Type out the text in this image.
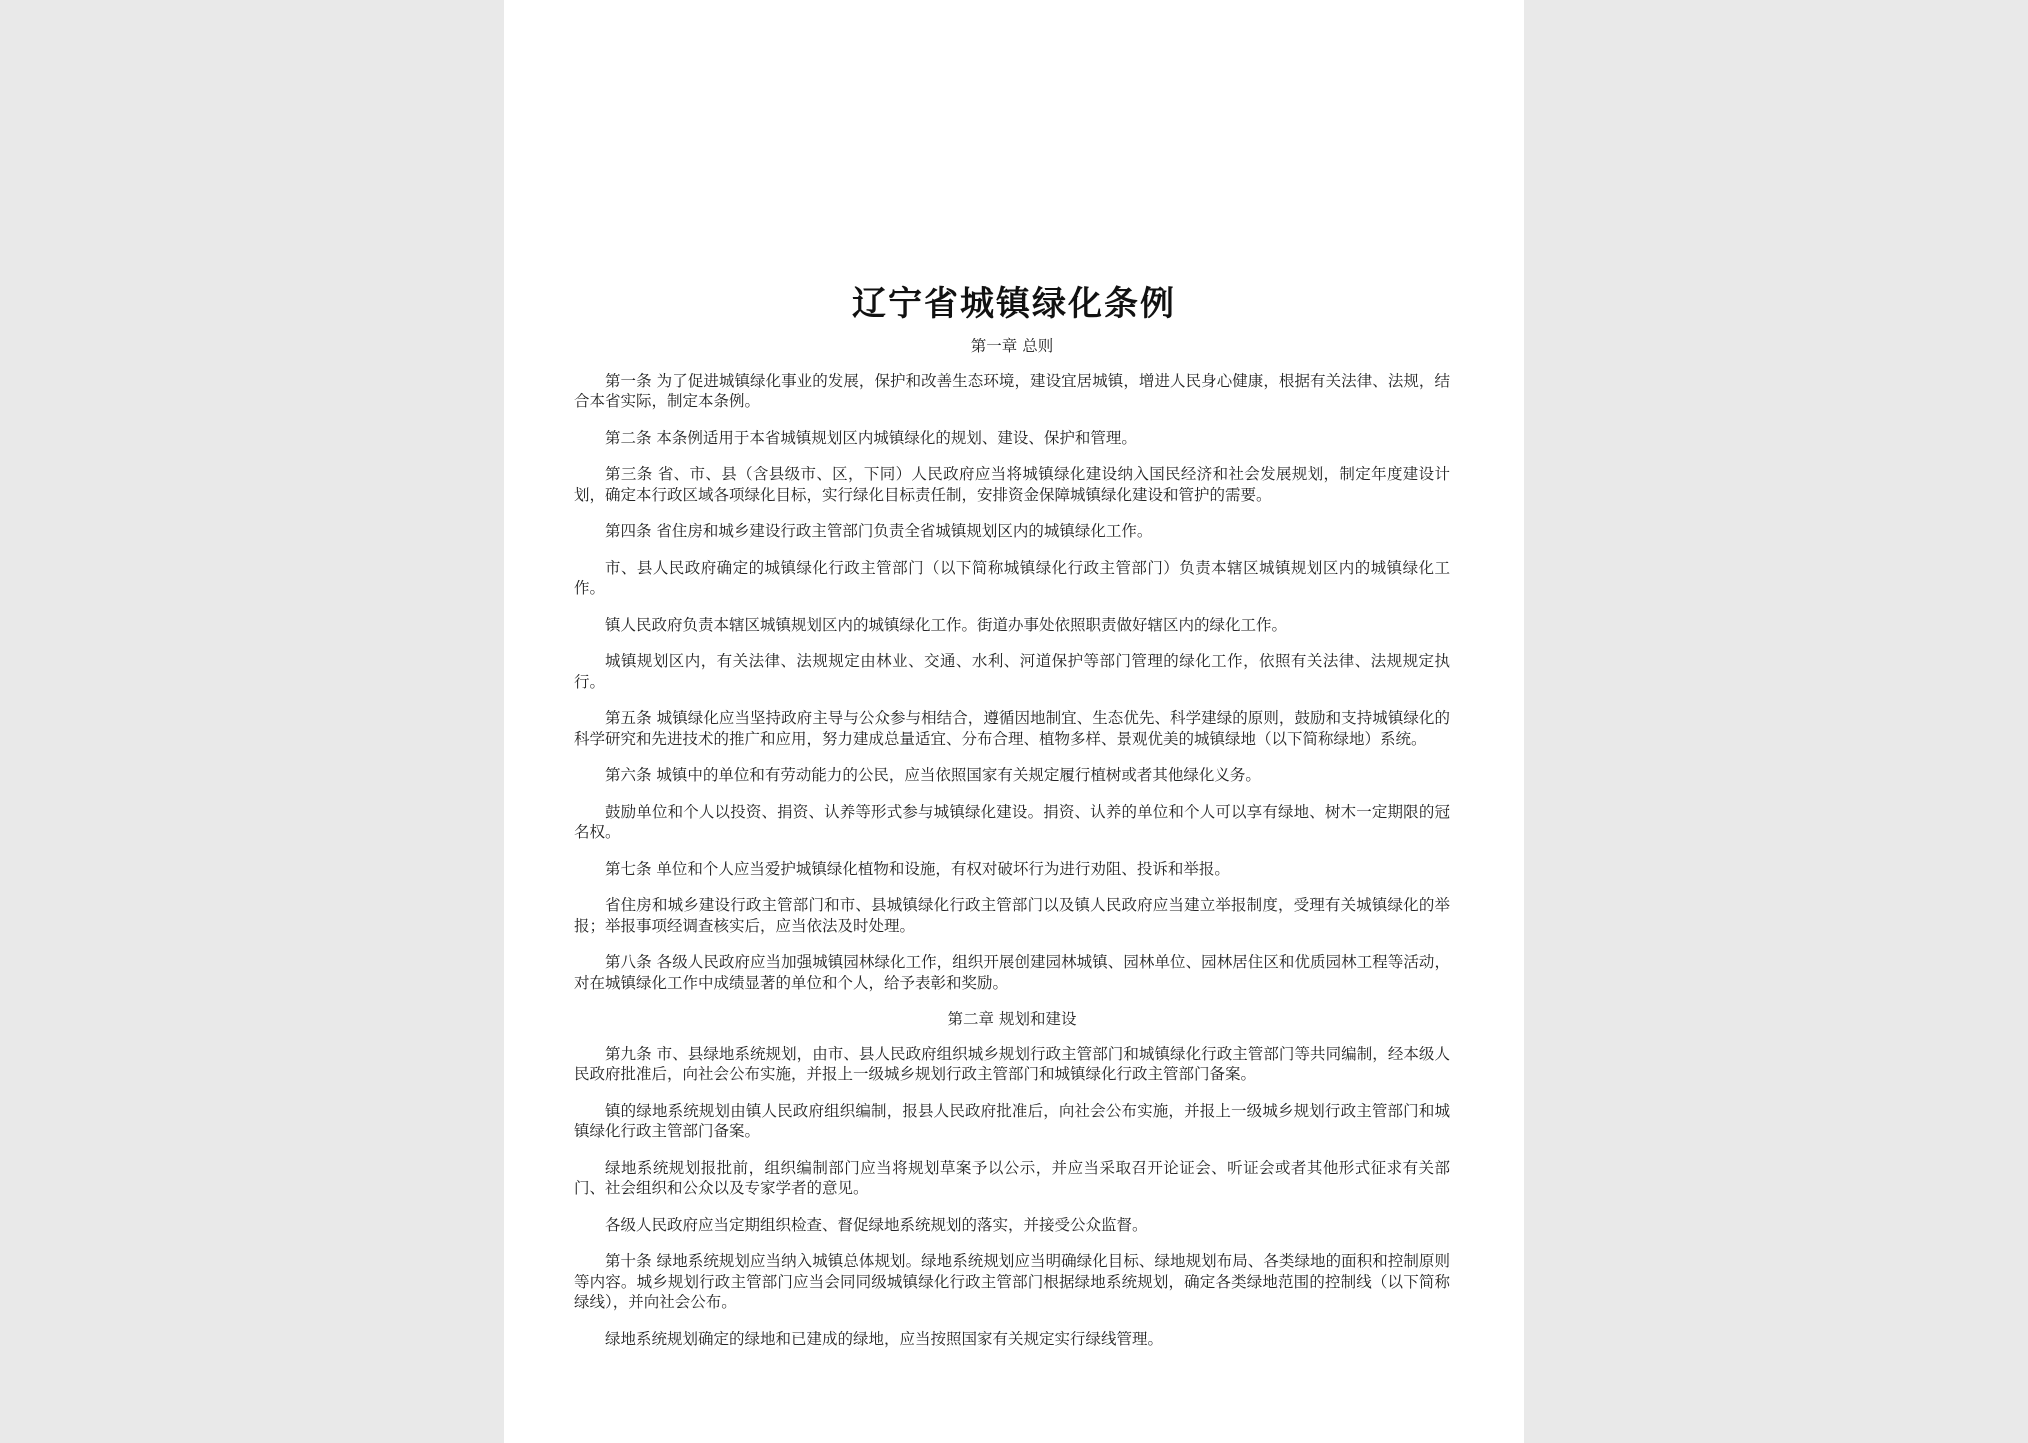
辽宁省城镇绿化条例

第一章 总则

第一条 为了促进城镇绿化事业的发展，保护和改善生态环境，建设宜居城镇，增进人民身心健康，根据有关法律、法规，结合本省实际，制定本条例。

第二条 本条例适用于本省城镇规划区内城镇绿化的规划、建设、保护和管理。

第三条 省、市、县（含县级市、区，下同）人民政府应当将城镇绿化建设纳入国民经济和社会发展规划，制定年度建设计划，确定本行政区域各项绿化目标，实行绿化目标责任制，安排资金保障城镇绿化建设和管护的需要。

第四条 省住房和城乡建设行政主管部门负责全省城镇规划区内的城镇绿化工作。

市、县人民政府确定的城镇绿化行政主管部门（以下简称城镇绿化行政主管部门）负责本辖区城镇规划区内的城镇绿化工作。

镇人民政府负责本辖区城镇规划区内的城镇绿化工作。街道办事处依照职责做好辖区内的绿化工作。

城镇规划区内，有关法律、法规规定由林业、交通、水利、河道保护等部门管理的绿化工作，依照有关法律、法规规定执行。

第五条 城镇绿化应当坚持政府主导与公众参与相结合，遵循因地制宜、生态优先、科学建绿的原则，鼓励和支持城镇绿化的科学研究和先进技术的推广和应用，努力建成总量适宜、分布合理、植物多样、景观优美的城镇绿地（以下简称绿地）系统。

第六条 城镇中的单位和有劳动能力的公民，应当依照国家有关规定履行植树或者其他绿化义务。

鼓励单位和个人以投资、捐资、认养等形式参与城镇绿化建设。捐资、认养的单位和个人可以享有绿地、树木一定期限的冠名权。

第七条 单位和个人应当爱护城镇绿化植物和设施，有权对破坏行为进行劝阻、投诉和举报。

省住房和城乡建设行政主管部门和市、县城镇绿化行政主管部门以及镇人民政府应当建立举报制度，受理有关城镇绿化的举报；举报事项经调查核实后，应当依法及时处理。

第八条 各级人民政府应当加强城镇园林绿化工作，组织开展创建园林城镇、园林单位、园林居住区和优质园林工程等活动，对在城镇绿化工作中成绩显著的单位和个人，给予表彰和奖励。

第二章 规划和建设

第九条 市、县绿地系统规划，由市、县人民政府组织城乡规划行政主管部门和城镇绿化行政主管部门等共同编制，经本级人民政府批准后，向社会公布实施，并报上一级城乡规划行政主管部门和城镇绿化行政主管部门备案。

镇的绿地系统规划由镇人民政府组织编制，报县人民政府批准后，向社会公布实施，并报上一级城乡规划行政主管部门和城镇绿化行政主管部门备案。

绿地系统规划报批前，组织编制部门应当将规划草案予以公示，并应当采取召开论证会、听证会或者其他形式征求有关部门、社会组织和公众以及专家学者的意见。

各级人民政府应当定期组织检查、督促绿地系统规划的落实，并接受公众监督。

第十条 绿地系统规划应当纳入城镇总体规划。绿地系统规划应当明确绿化目标、绿地规划布局、各类绿地的面积和控制原则等内容。城乡规划行政主管部门应当会同同级城镇绿化行政主管部门根据绿地系统规划，确定各类绿地范围的控制线（以下简称绿线），并向社会公布。

绿地系统规划确定的绿地和已建成的绿地，应当按照国家有关规定实行绿线管理。
